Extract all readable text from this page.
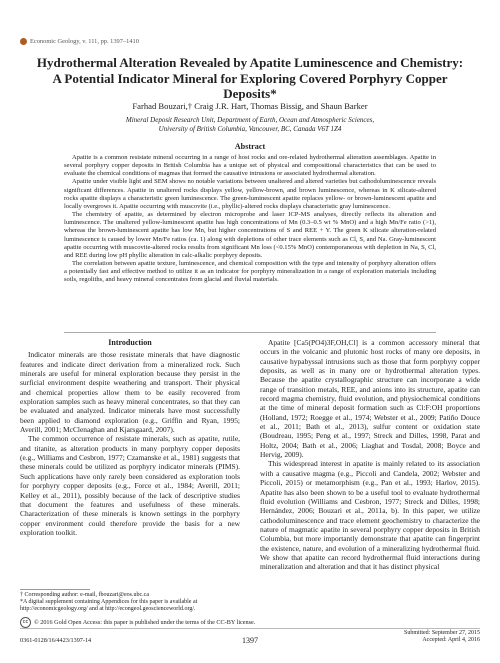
Economic Geology, v. 111, pp. 1397–1410
Hydrothermal Alteration Revealed by Apatite Luminescence and Chemistry:
A Potential Indicator Mineral for Exploring Covered Porphyry Copper Deposits*
Farhad Bouzari,† Craig J.R. Hart, Thomas Bissig, and Shaun Barker
Mineral Deposit Research Unit, Department of Earth, Ocean and Atmospheric Sciences,
University of British Columbia, Vancouver, BC, Canada V6T 1Z4
Abstract

Apatite is a common resistate mineral occurring in a range of host rocks and ore-related hydrothermal alteration assemblages. Apatite in several porphyry copper deposits in British Columbia has a unique set of physical and compositional characteristics that can be used to evaluate the chemical conditions of magmas that formed the causative intrusions or associated hydrothermal alteration.

Apatite under visible light and SEM shows no notable variations between unaltered and altered varieties but cathodoluminescence reveals significant differences. Apatite in unaltered rocks displays yellow, yellow-brown, and brown luminescence, whereas in K silicate-altered rocks apatite displays a characteristic green luminescence. The green-luminescent apatite replaces yellow- or brown-luminescent apatite and locally overgrows it. Apatite occurring with muscovite (i.e., phyllic)-altered rocks displays characteristic gray luminescence.

The chemistry of apatite, as determined by electron microprobe and laser ICP-MS analyses, directly reflects its alteration and luminescence. The unaltered yellow-luminescent apatite has high concentrations of Mn (0.3–0.5 wt % MnO) and a high Mn/Fe ratio (>1), whereas the brown-luminescent apatite has low Mn, but higher concentrations of S and REE + Y. The green K silicate alteration-related luminescence is caused by lower Mn/Fe ratios (ca. 1) along with depletions of other trace elements such as Cl, S, and Na. Gray-luminescent apatite occurring with muscovite-altered rocks results from significant Mn loss (<0.15% MnO) contemporaneous with depletion in Na, S, Cl, and REE during low pH phyllic alteration in calc-alkalic porphyry deposits.

The correlation between apatite texture, luminescence, and chemical composition with the type and intensity of porphyry alteration offers a potentially fast and effective method to utilize it as an indicator for porphyry mineralization in a range of exploration materials including soils, regoliths, and heavy mineral concentrates from glacial and fluvial materials.

Introduction

Indicator minerals are those resistate minerals that have diagnostic features and indicate direct derivation from a mineralized rock. Such minerals are useful for mineral exploration because they persist in the surficial environment despite weathering and transport. Their physical and chemical properties allow them to be easily recovered from exploration samples such as heavy mineral concentrates, so that they can be evaluated and analyzed. Indicator minerals have most successfully been applied to diamond exploration (e.g., Griffin and Ryan, 1995; Averill, 2001; McClenaghan and Kjarsgaard, 2007).

The common occurrence of resistate minerals, such as apatite, rutile, and titanite, as alteration products in many porphyry copper deposits (e.g., Williams and Cesbron, 1977; Czamanske et al., 1981) suggests that these minerals could be utilized as porphyry indicator minerals (PIMS). Such applications have only rarely been considered as exploration tools for porphyry copper deposits (e.g., Force et al., 1984; Averill, 2011; Kelley et al., 2011), possibly because of the lack of descriptive studies that document the features and usefulness of these minerals. Characterization of these minerals is known settings in the porphyry copper environment could therefore provide the basis for a new exploration toolkit.

Apatite [Ca5(PO4)3F,OH,Cl] is a common accessory mineral that occurs in the volcanic and plutonic host rocks of many ore deposits, in causative hypabyssal intrusions such as those that form porphyry copper deposits, as well as in many ore or hydrothermal alteration types. Because the apatite crystallographic structure can incorporate a wide range of transition metals, REE, and anions into its structure, apatite can record magma chemistry, fluid evolution, and physiochemical conditions at the time of mineral deposit formation such as Cl:F:OH proportions (Holland, 1972; Roegge et al., 1974; Webster et al., 2009; Patiño Douce et al., 2011; Bath et al., 2013), sulfur content or oxidation state (Boudreau, 1995; Peng et al., 1997; Streck and Dilles, 1998, Parat and Holtz, 2004; Bath et al., 2006; Liaghat and Tosdal, 2008; Boyce and Hervig, 2009).

This widespread interest in apatite is mainly related to its association with a causative magma (e.g., Piccoli and Candela, 2002; Webster and Piccoli, 2015) or metamorphism (e.g., Pan et al., 1993; Harlov, 2015). Apatite has also been shown to be a useful tool to evaluate hydrothermal fluid evolution (Williams and Cesbron, 1977; Streck and Dilles, 1998; Hernández, 2006; Bouzari et al., 2011a, b). In this paper, we utilize cathodoluminescence and trace element geochemistry to characterize the nature of magmatic apatite in several porphyry copper deposits in British Columbia, but more importantly demonstrate that apatite can fingerprint the existence, nature, and evolution of a mineralizing hydrothermal fluid. We show that apatite can record hydrothermal fluid interactions during mineralization and alteration and that it has distinct physical

† Corresponding author: e-mail, fbouzari@eos.ubc.ca
*A digital supplement containing Appendices for this paper is available at
http://economicgeology.org/ and at http://econgeol.geoscienceworld.org/.
cc © 2016 Gold Open Access: this paper is published under the terms of the CC-BY license.
0361-0128/16/4423/1397-14	1397
Submitted: September 27, 2015
Accepted: April 4, 2016
